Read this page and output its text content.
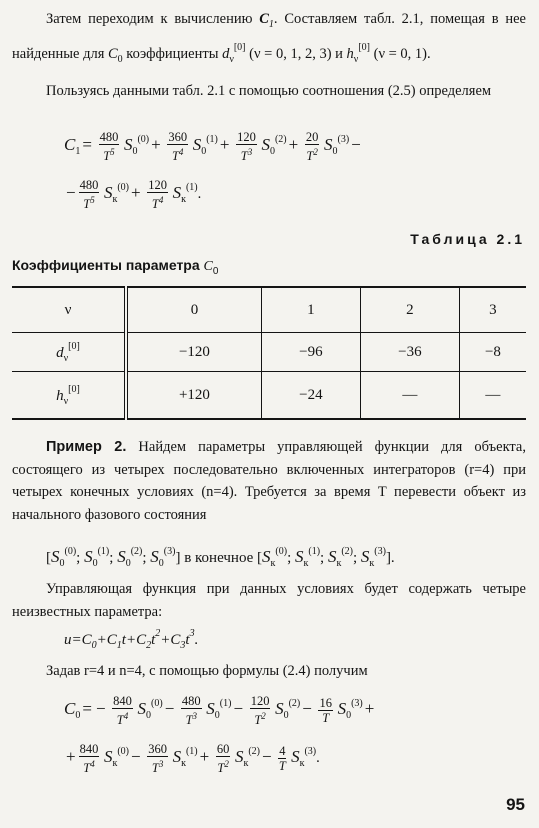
Затем переходим к вычислению $C_1$. Составляем табл. 2.1, помещая в нее найденные для $C_0$ коэффициенты $d_\nu[0]$ (ν = 0, 1, 2, 3) и $h_\nu[0]$ (ν = 0, 1).

Пользуясь данными табл. 2.1 с помощью соотношения (2.5) определяем

$C_1 = \frac{480}{T^5} S_0^{(0)} + \frac{360}{T^4} S_0^{(1)} + \frac{120}{T^3} S_0^{(2)} + \frac{20}{T^2} S_0^{(3)}$ −
− $\frac{480}{T^5} S_к^{(0)} + \frac{120}{T^4} S_к^{(1)}$.
Таблица 2.1
Коэффициенты параметра $C_0$
ν	0	1	2	3
$d_\nu[0]$	−120	−96	−36	−8
$h_\nu[0]$	+120	−24	—	—

Пример 2. Найдем параметры управляющей функции для объекта, состоящего из четырех последовательно включенных интеграторов (r=4) при четырех конечных условиях (n=4). Требуется за время T перевести объект из начального фазового состояния

[$S_0^{(0)}$; $S_0^{(1)}$; $S_0^{(2)}$; $S_0^{(3)}$] в конечное [$S_к^{(0)}$; $S_к^{(1)}$; $S_к^{(2)}$; $S_к^{(3)}$].

Управляющая функция при данных условиях будет содержать четыре неизвестных параметра:

$u=C_0+C_1t+C_2t^2+C_3t^3$.

Задав r=4 и n=4, с помощью формулы (2.4) получим

$C_0$ = − $\frac{840}{T^4} S_0^{(0)} - \frac{480}{T^3} S_0^{(1)} - \frac{120}{T^2} S_0^{(2)} - \frac{16}{T} S_0^{(3)}$ +
+ $\frac{840}{T^4} S_к^{(0)} - \frac{360}{T^3} S_к^{(1)} + \frac{60}{T^2} S_к^{(2)} - \frac{4}{T} S_к^{(3)}$.
95
